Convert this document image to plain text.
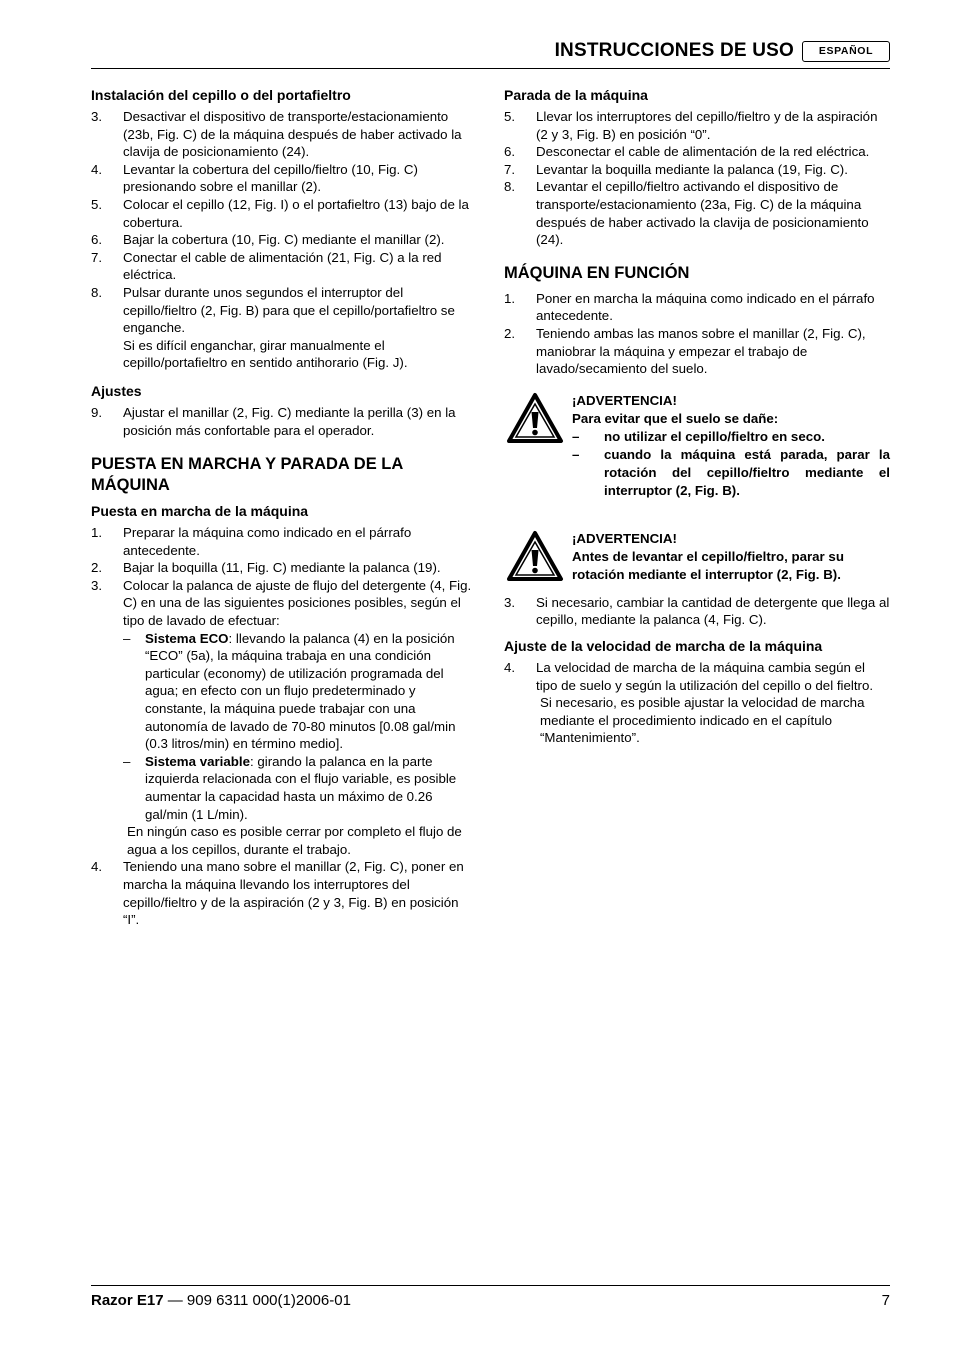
INSTRUCCIONES DE USO	ESPAÑOL
Instalación del cepillo o del portafieltro
3. Desactivar el dispositivo de transporte/estacionamiento (23b, Fig. C) de la máquina después de haber activado la clavija de posicionamiento (24).
4. Levantar la cobertura del cepillo/fieltro (10, Fig. C) presionando sobre el manillar (2).
5. Colocar el cepillo (12, Fig. I) o el portafieltro (13) bajo de la cobertura.
6. Bajar la cobertura (10, Fig. C) mediante el manillar (2).
7. Conectar el cable de alimentación (21, Fig. C) a la red eléctrica.
8. Pulsar durante unos segundos el interruptor del cepillo/fieltro (2, Fig. B) para que el cepillo/portafieltro se enganche.
Si es difícil enganchar, girar manualmente el cepillo/portafieltro en sentido antihorario (Fig. J).
Ajustes
9. Ajustar el manillar (2, Fig. C) mediante la perilla (3) en la posición más confortable para el operador.
PUESTA EN MARCHA Y PARADA DE LA MÁQUINA
Puesta en marcha de la máquina
1. Preparar la máquina como indicado en el párrafo antecedente.
2. Bajar la boquilla (11, Fig. C) mediante la palanca (19).
3. Colocar la palanca de ajuste de flujo del detergente (4, Fig. C) en una de las siguientes posiciones posibles, según el tipo de lavado de efectuar:
– Sistema ECO: llevando la palanca (4) en la posición “ECO” (5a), la máquina trabaja en una condición particular (economy) de utilización programada del agua; en efecto con un flujo predeterminado y constante, la máquina puede trabajar con una autonomía de lavado de 70-80 minutos [0.08 gal/min (0.3 litros/min) en término medio].
– Sistema variable: girando la palanca en la parte izquierda relacionada con el flujo variable, es posible aumentar la capacidad hasta un máximo de 0.26 gal/min (1 L/min).
En ningún caso es posible cerrar por completo el flujo de agua a los cepillos, durante el trabajo.
4. Teniendo una mano sobre el manillar (2, Fig. C), poner en marcha la máquina llevando los interruptores del cepillo/fieltro y de la aspiración (2 y 3, Fig. B) en posición “I”.
Parada de la máquina
5. Llevar los interruptores del cepillo/fieltro y de la aspiración (2 y 3, Fig. B) en posición “0”.
6. Desconectar el cable de alimentación de la red eléctrica.
7. Levantar la boquilla mediante la palanca (19, Fig. C).
8. Levantar el cepillo/fieltro activando el dispositivo de transporte/estacionamiento (23a, Fig. C) de la máquina después de haber activado la clavija de posicionamiento (24).
MÁQUINA EN FUNCIÓN
1. Poner en marcha la máquina como indicado en el párrafo antecedente.
2. Teniendo ambas las manos sobre el manillar (2, Fig. C), maniobrar la máquina y empezar el trabajo de lavado/secamiento del suelo.
¡ADVERTENCIA!
Para evitar que el suelo se dañe:
– no utilizar el cepillo/fieltro en seco.
– cuando la máquina está parada, parar la rotación del cepillo/fieltro mediante el interruptor (2, Fig. B).
¡ADVERTENCIA!
Antes de levantar el cepillo/fieltro, parar su rotación mediante el interruptor (2, Fig. B).
3. Si necesario, cambiar la cantidad de detergente que llega al cepillo, mediante la palanca (4, Fig. C).
Ajuste de la velocidad de marcha de la máquina
4. La velocidad de marcha de la máquina cambia según el tipo de suelo y según la utilización del cepillo o del fieltro.
Si necesario, es posible ajustar la velocidad de marcha mediante el procedimiento indicado en el capítulo “Mantenimiento”.
Razor E17 — 909 6311 000(1)2006-01	7
